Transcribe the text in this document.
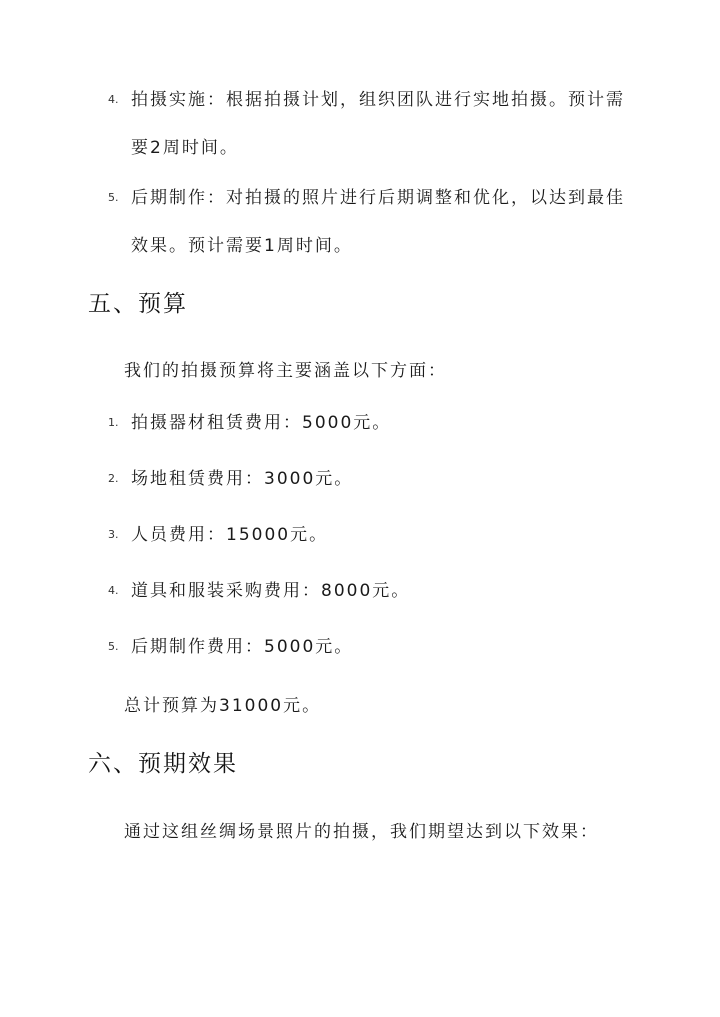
4. 拍摄实施：根据拍摄计划，组织团队进行实地拍摄。预计需
要2周时间。
5. 后期制作：对拍摄的照片进行后期调整和优化，以达到最佳
效果。预计需要1周时间。
五、预算
我们的拍摄预算将主要涵盖以下方面：
1. 拍摄器材租赁费用：5000元。
2. 场地租赁费用：3000元。
3. 人员费用：15000元。
4. 道具和服装采购费用：8000元。
5. 后期制作费用：5000元。
总计预算为31000元。
六、预期效果
通过这组丝绸场景照片的拍摄，我们期望达到以下效果：
